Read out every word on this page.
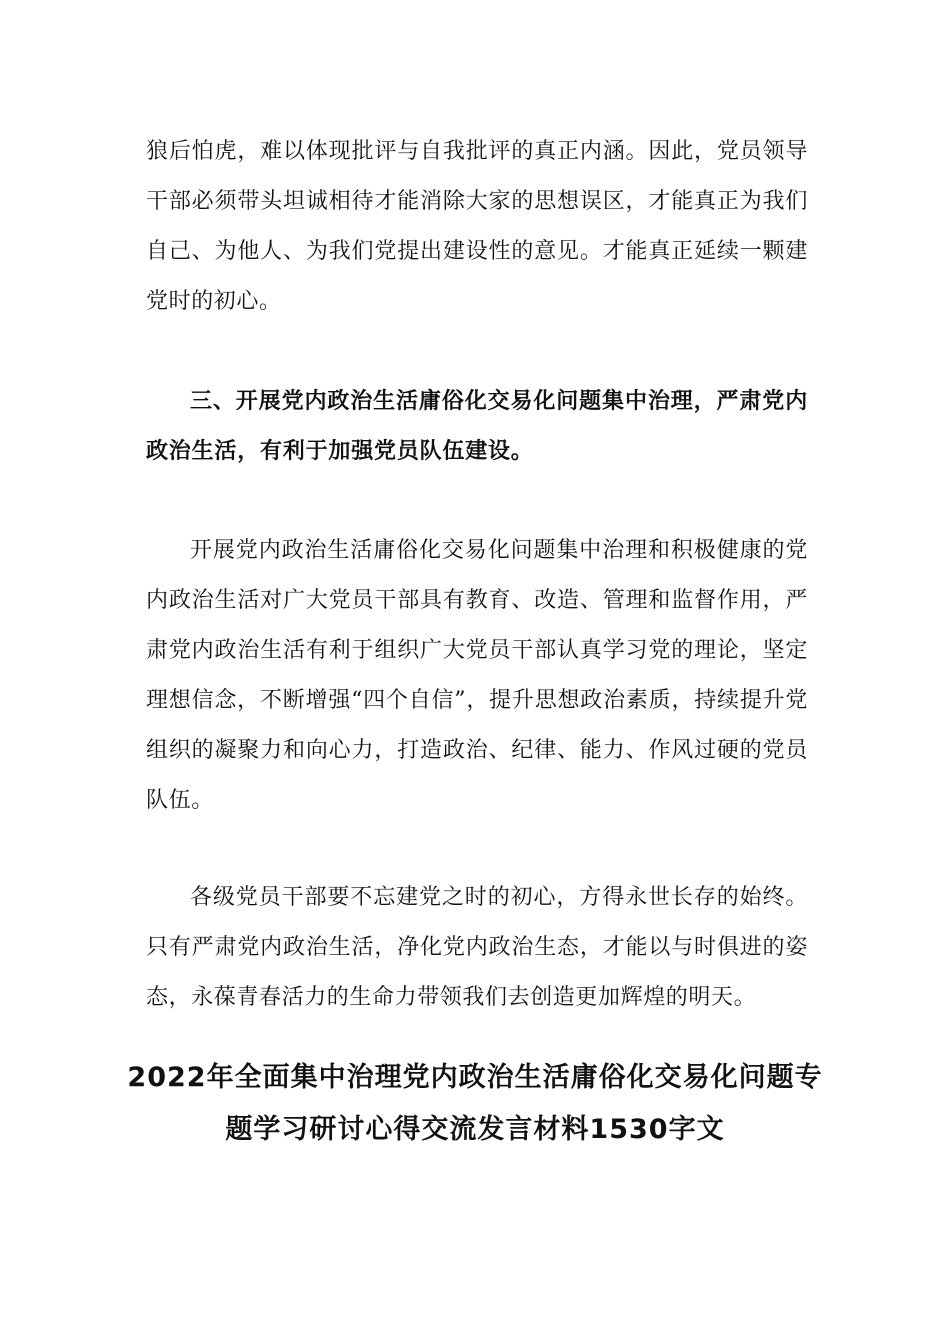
狼后怕虎，难以体现批评与自我批评的真正内涵。因此，党员领导干部必须带头坦诚相待才能消除大家的思想误区，才能真正为我们自己、为他人、为我们党提出建设性的意见。才能真正延续一颗建党时的初心。

三、开展党内政治生活庸俗化交易化问题集中治理，严肃党内政治生活，有利于加强党员队伍建设。

开展党内政治生活庸俗化交易化问题集中治理和积极健康的党内政治生活对广大党员干部具有教育、改造、管理和监督作用，严肃党内政治生活有利于组织广大党员干部认真学习党的理论，坚定理想信念，不断增强“四个自信”，提升思想政治素质，持续提升党组织的凝聚力和向心力，打造政治、纪律、能力、作风过硬的党员队伍。

各级党员干部要不忘建党之时的初心，方得永世长存的始终。只有严肃党内政治生活，净化党内政治生态，才能以与时俱进的姿态，永葆青春活力的生命力带领我们去创造更加辉煌的明天。

2022年全面集中治理党内政治生活庸俗化交易化问题专题学习研讨心得交流发言材料1530字文
